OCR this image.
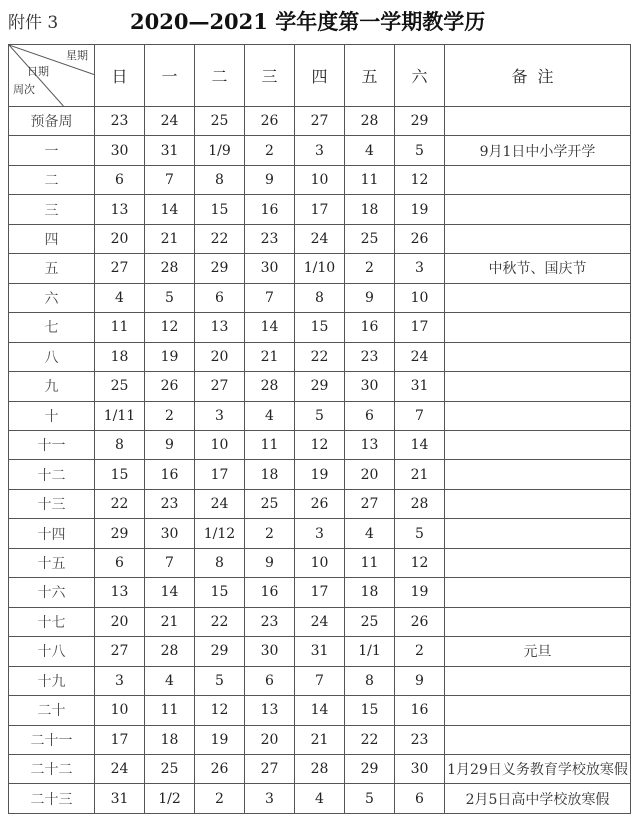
附件 3	2020—2021 学年度第一学期教学历
星期
日期
周次	日	一	二	三	四	五	六	备注
预备周	23	24	25	26	27	28	29	
一	30	31	1/9	2	3	4	5	9月1日中小学开学
二	6	7	8	9	10	11	12	
三	13	14	15	16	17	18	19	
四	20	21	22	23	24	25	26	
五	27	28	29	30	1/10	2	3	中秋节、国庆节
六	4	5	6	7	8	9	10	
七	11	12	13	14	15	16	17	
八	18	19	20	21	22	23	24	
九	25	26	27	28	29	30	31	
十	1/11	2	3	4	5	6	7	
十一	8	9	10	11	12	13	14	
十二	15	16	17	18	19	20	21	
十三	22	23	24	25	26	27	28	
十四	29	30	1/12	2	3	4	5	
十五	6	7	8	9	10	11	12	
十六	13	14	15	16	17	18	19	
十七	20	21	22	23	24	25	26	
十八	27	28	29	30	31	1/1	2	元旦
十九	3	4	5	6	7	8	9	
二十	10	11	12	13	14	15	16	
二十一	17	18	19	20	21	22	23	
二十二	24	25	26	27	28	29	30	1月29日义务教育学校放寒假
二十三	31	1/2	2	3	4	5	6	2月5日高中学校放寒假
